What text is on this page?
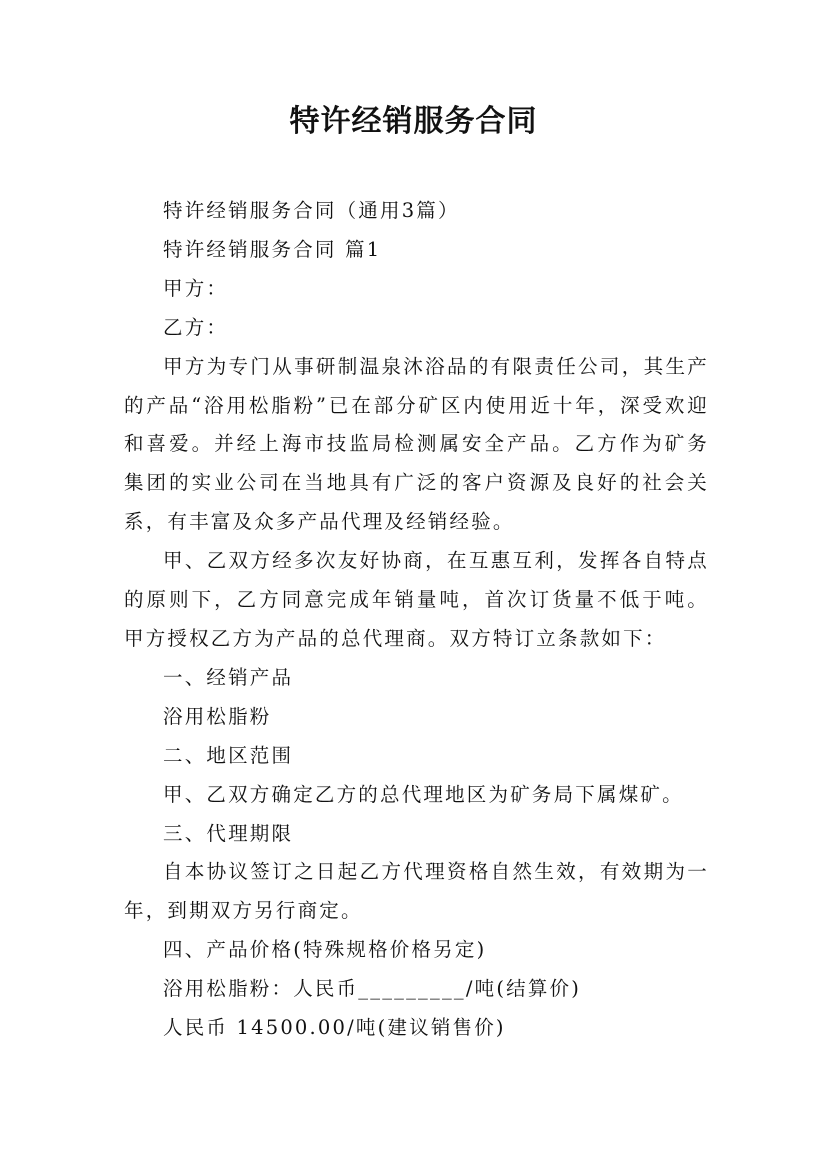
特许经销服务合同

特许经销服务合同（通用3篇）

特许经销服务合同 篇1

甲方：

乙方：

甲方为专门从事研制温泉沐浴品的有限责任公司，其生产的产品“浴用松脂粉”已在部分矿区内使用近十年，深受欢迎和喜爱。并经上海市技监局检测属安全产品。乙方作为矿务集团的实业公司在当地具有广泛的客户资源及良好的社会关系，有丰富及众多产品代理及经销经验。

甲、乙双方经多次友好协商，在互惠互利，发挥各自特点的原则下，乙方同意完成年销量吨，首次订货量不低于吨。甲方授权乙方为产品的总代理商。双方特订立条款如下：

一、经销产品

浴用松脂粉

二、地区范围

甲、乙双方确定乙方的总代理地区为矿务局下属煤矿。

三、代理期限

自本协议签订之日起乙方代理资格自然生效，有效期为一年，到期双方另行商定。

四、产品价格(特殊规格价格另定)

浴用松脂粉：人民币_________/吨(结算价)

人民币 14500.00/吨(建议销售价)
